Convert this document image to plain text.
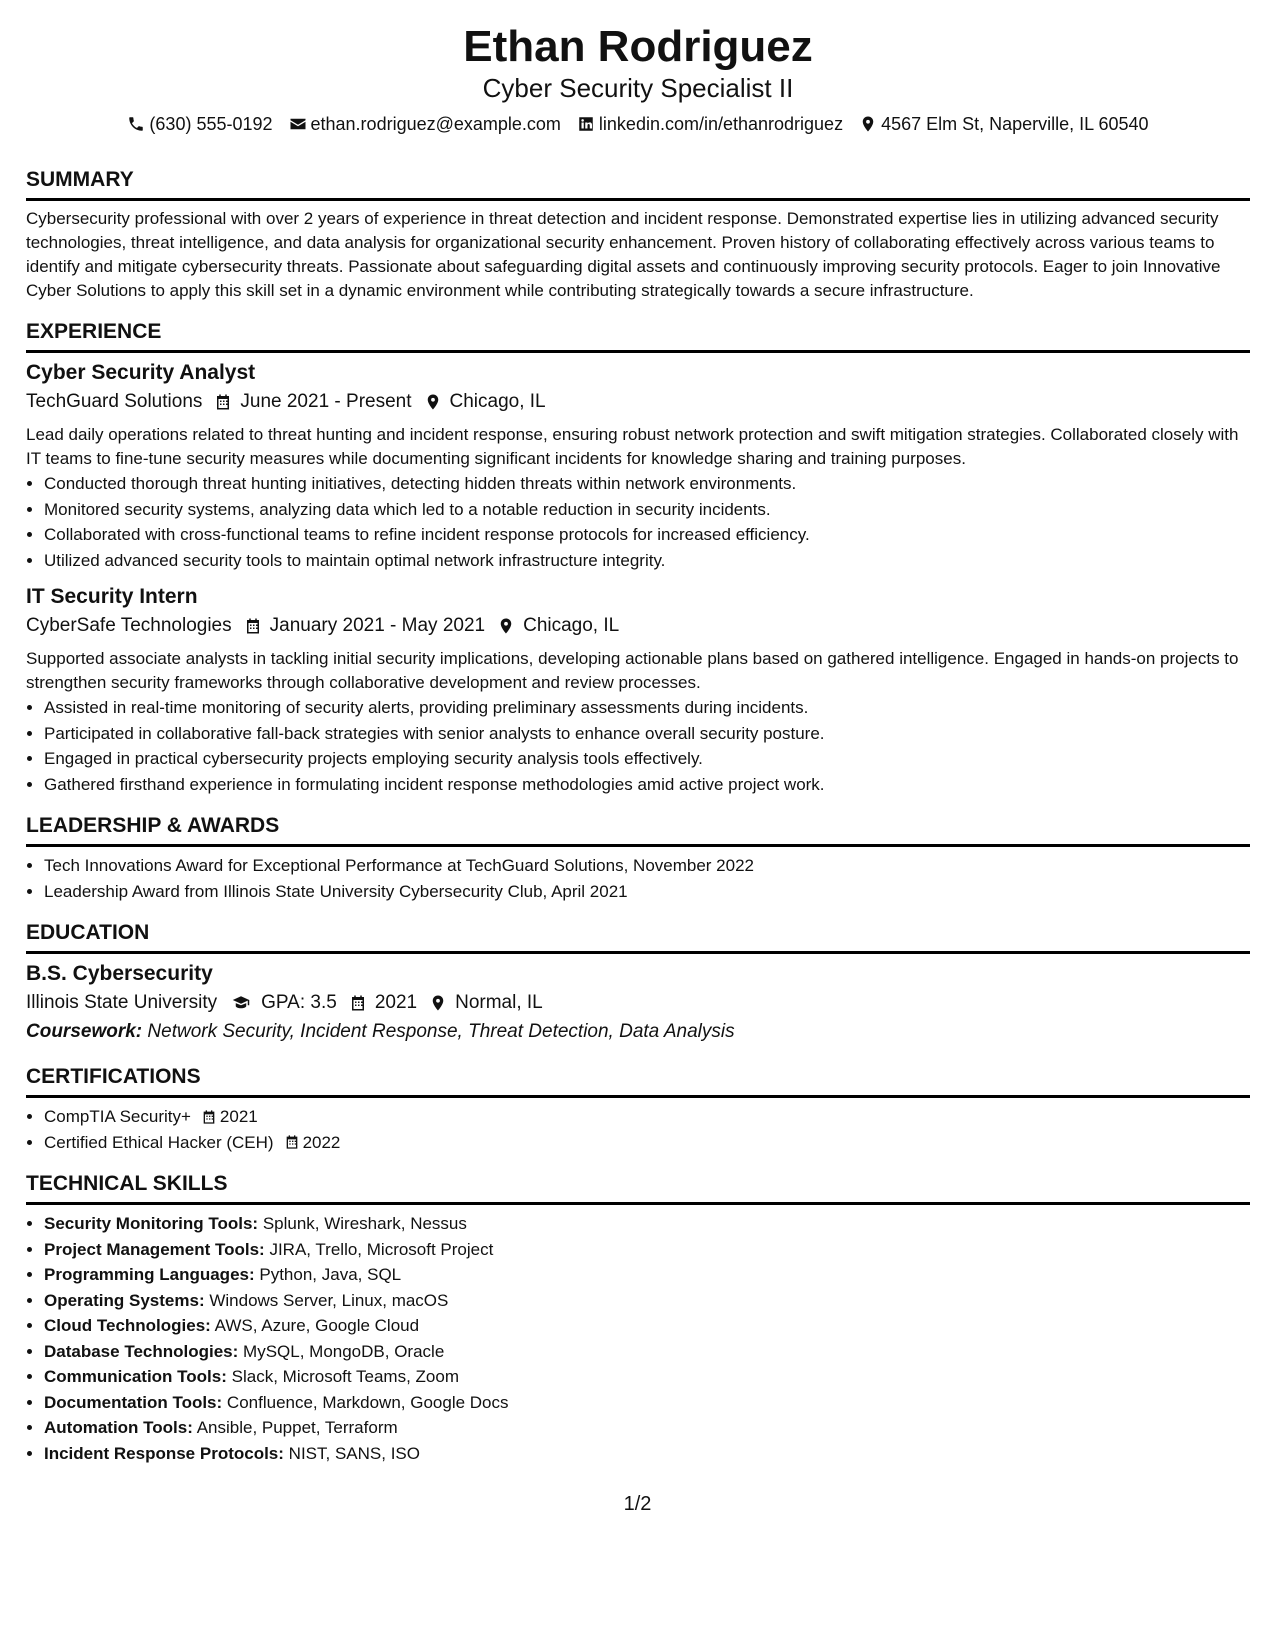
Ethan Rodriguez
Cyber Security Specialist II
(630) 555-0192 ethan.rodriguez@example.com linkedin.com/in/ethanrodriguez 4567 Elm St, Naperville, IL 60540
SUMMARY

Cybersecurity professional with over 2 years of experience in threat detection and incident response. Demonstrated expertise lies in utilizing advanced security technologies, threat intelligence, and data analysis for organizational security enhancement. Proven history of collaborating effectively across various teams to identify and mitigate cybersecurity threats. Passionate about safeguarding digital assets and continuously improving security protocols. Eager to join Innovative Cyber Solutions to apply this skill set in a dynamic environment while contributing strategically towards a secure infrastructure.

EXPERIENCE
Cyber Security Analyst
TechGuard Solutions June 2021 - Present Chicago, IL

Lead daily operations related to threat hunting and incident response, ensuring robust network protection and swift mitigation strategies. Collaborated closely with IT teams to fine-tune security measures while documenting significant incidents for knowledge sharing and training purposes.

• Conducted thorough threat hunting initiatives, detecting hidden threats within network environments.
• Monitored security systems, analyzing data which led to a notable reduction in security incidents.
• Collaborated with cross-functional teams to refine incident response protocols for increased efficiency.
• Utilized advanced security tools to maintain optimal network infrastructure integrity.
IT Security Intern
CyberSafe Technologies January 2021 - May 2021 Chicago, IL

Supported associate analysts in tackling initial security implications, developing actionable plans based on gathered intelligence. Engaged in hands-on projects to strengthen security frameworks through collaborative development and review processes.

• Assisted in real-time monitoring of security alerts, providing preliminary assessments during incidents.
• Participated in collaborative fall-back strategies with senior analysts to enhance overall security posture.
• Engaged in practical cybersecurity projects employing security analysis tools effectively.
• Gathered firsthand experience in formulating incident response methodologies amid active project work.
LEADERSHIP & AWARDS
• Tech Innovations Award for Exceptional Performance at TechGuard Solutions, November 2022
• Leadership Award from Illinois State University Cybersecurity Club, April 2021
EDUCATION
B.S. Cybersecurity
Illinois State University GPA: 3.5 2021 Normal, IL
Coursework: Network Security, Incident Response, Threat Detection, Data Analysis
CERTIFICATIONS
• CompTIA Security+ 2021
• Certified Ethical Hacker (CEH) 2022
TECHNICAL SKILLS
• Security Monitoring Tools: Splunk, Wireshark, Nessus
• Project Management Tools: JIRA, Trello, Microsoft Project
• Programming Languages: Python, Java, SQL
• Operating Systems: Windows Server, Linux, macOS
• Cloud Technologies: AWS, Azure, Google Cloud
• Database Technologies: MySQL, MongoDB, Oracle
• Communication Tools: Slack, Microsoft Teams, Zoom
• Documentation Tools: Confluence, Markdown, Google Docs
• Automation Tools: Ansible, Puppet, Terraform
• Incident Response Protocols: NIST, SANS, ISO
1/2
